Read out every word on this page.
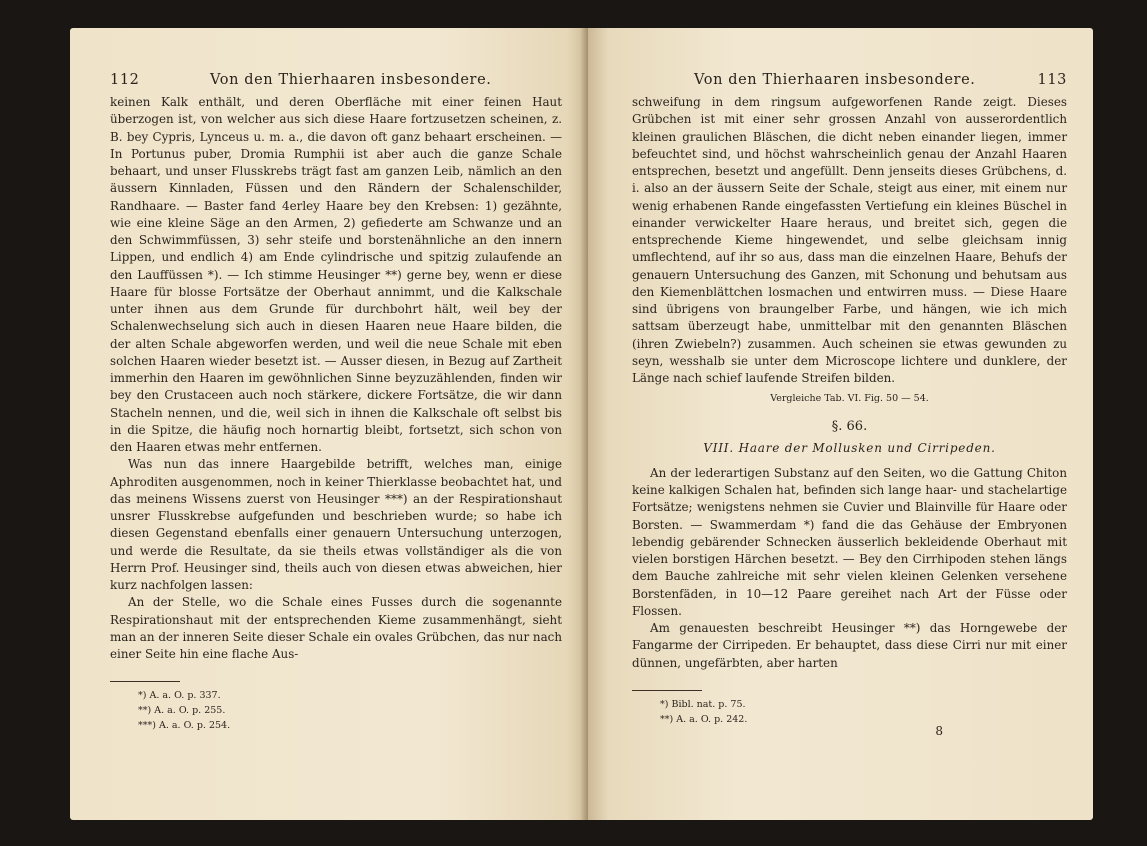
112	Von den Thierhaaren insbesondere.

keinen Kalk enthält, und deren Oberfläche mit einer feinen Haut überzogen ist, von welcher aus sich diese Haare fortzusetzen scheinen, z. B. bey Cypris, Lynceus u. m. a., die davon oft ganz behaart erscheinen. — In Portunus puber, Dromia Rumphii ist aber auch die ganze Schale behaart, und unser Flusskrebs trägt fast am ganzen Leib, nämlich an den äussern Kinnladen, Füssen und den Rändern der Schalenschilder, Randhaare. — Baster fand 4erley Haare bey den Krebsen: 1) gezähnte, wie eine kleine Säge an den Armen, 2) gefiederte am Schwanze und an den Schwimmfüssen, 3) sehr steife und borstenähnliche an den innern Lippen, und endlich 4) am Ende cylindrische und spitzig zulaufende an den Lauffüssen *). — Ich stimme Heusinger **) gerne bey, wenn er diese Haare für blosse Fortsätze der Oberhaut annimmt, und die Kalkschale unter ihnen aus dem Grunde für durchbohrt hält, weil bey der Schalenwechselung sich auch in diesen Haaren neue Haare bilden, die der alten Schale abgeworfen werden, und weil die neue Schale mit eben solchen Haaren wieder besetzt ist. — Ausser diesen, in Bezug auf Zartheit immerhin den Haaren im gewöhnlichen Sinne beyzuzählenden, finden wir bey den Crustaceen auch noch stärkere, dickere Fortsätze, die wir dann Stacheln nennen, und die, weil sich in ihnen die Kalkschale oft selbst bis in die Spitze, die häufig noch hornartig bleibt, fortsetzt, sich schon von den Haaren etwas mehr entfernen.

Was nun das innere Haargebilde betrifft, welches man, einige Aphroditen ausgenommen, noch in keiner Thierklasse beobachtet hat, und das meinens Wissens zuerst von Heusinger ***) an der Respirationshaut unsrer Flusskrebse aufgefunden und beschrieben wurde; so habe ich diesen Gegenstand ebenfalls einer genauern Untersuchung unterzogen, und werde die Resultate, da sie theils etwas vollständiger als die von Herrn Prof. Heusinger sind, theils auch von diesen etwas abweichen, hier kurz nachfolgen lassen:

An der Stelle, wo die Schale eines Fusses durch die sogenannte Respirationshaut mit der entsprechenden Kieme zusammenhängt, sieht man an der inneren Seite dieser Schale ein ovales Grübchen, das nur nach einer Seite hin eine flache Aus-

*) A. a. O. p. 337.
**) A. a. O. p. 255.
***) A. a. O. p. 254.
Von den Thierhaaren insbesondere.	113

schweifung in dem ringsum aufgeworfenen Rande zeigt. Dieses Grübchen ist mit einer sehr grossen Anzahl von ausserordentlich kleinen graulichen Bläschen, die dicht neben einander liegen, immer befeuchtet sind, und höchst wahrscheinlich genau der Anzahl Haaren entsprechen, besetzt und angefüllt. Denn jenseits dieses Grübchens, d. i. also an der äussern Seite der Schale, steigt aus einer, mit einem nur wenig erhabenen Rande eingefassten Vertiefung ein kleines Büschel in einander verwickelter Haare heraus, und breitet sich, gegen die entsprechende Kieme hingewendet, und selbe gleichsam innig umflechtend, auf ihr so aus, dass man die einzelnen Haare, Behufs der genauern Untersuchung des Ganzen, mit Schonung und behutsam aus den Kiemenblättchen losmachen und entwirren muss. — Diese Haare sind übrigens von braungelber Farbe, und hängen, wie ich mich sattsam überzeugt habe, unmittelbar mit den genannten Bläschen (ihren Zwiebeln?) zusammen. Auch scheinen sie etwas gewunden zu seyn, wesshalb sie unter dem Microscope lichtere und dunklere, der Länge nach schief laufende Streifen bilden.

Vergleiche Tab. VI. Fig. 50 — 54.
§. 66.
VIII. Haare der Mollusken und Cirripeden.

An der lederartigen Substanz auf den Seiten, wo die Gattung Chiton keine kalkigen Schalen hat, befinden sich lange haar- und stachelartige Fortsätze; wenigstens nehmen sie Cuvier und Blainville für Haare oder Borsten. — Swammerdam *) fand die das Gehäuse der Embryonen lebendig gebärender Schnecken äusserlich bekleidende Oberhaut mit vielen borstigen Härchen besetzt. — Bey den Cirrhipoden stehen längs dem Bauche zahlreiche mit sehr vielen kleinen Gelenken versehene Borstenfäden, in 10—12 Paare gereihet nach Art der Füsse oder Flossen.

Am genauesten beschreibt Heusinger **) das Horngewebe der Fangarme der Cirripeden. Er behauptet, dass diese Cirri nur mit einer dünnen, ungefärbten, aber harten

*) Bibl. nat. p. 75.
**) A. a. O. p. 242.
8
